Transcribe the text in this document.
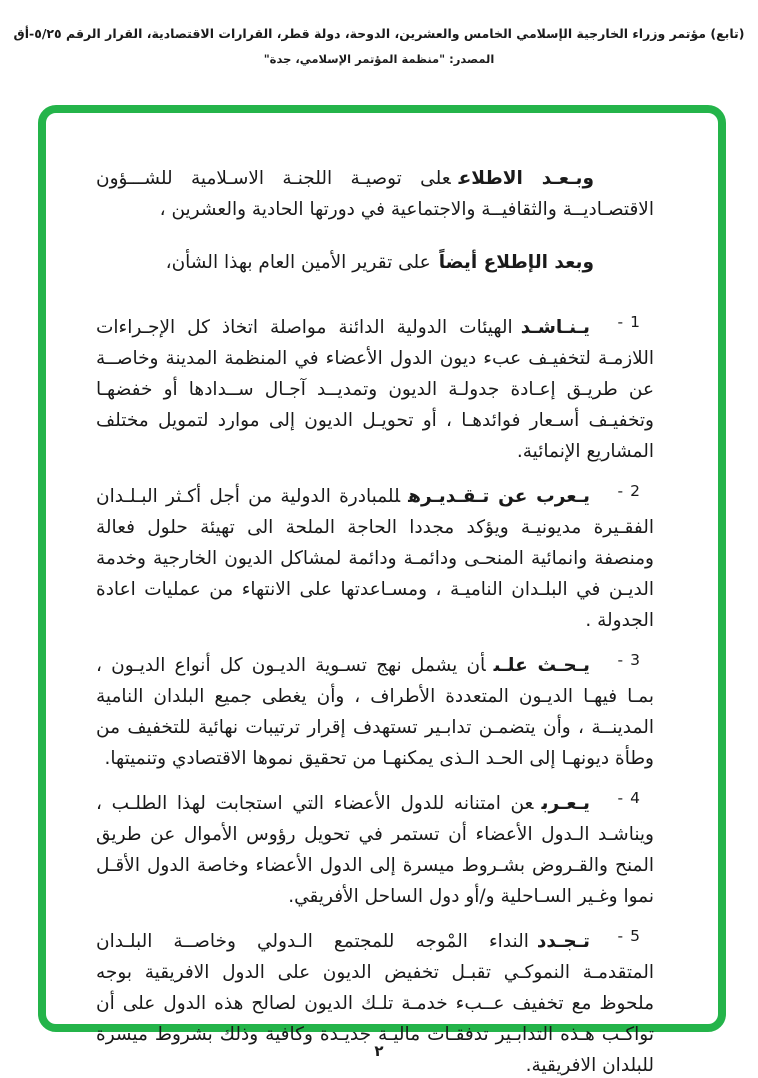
(تابع) مؤتمر وزراء الخارجية الإسلامي الخامس والعشرين، الدوحة، دولة قطر، القرارات الاقتصادية، القرار الرقم ٥/٢٥-أق
المصدر: "منظمة المؤتمر الإسلامي، جدة"

وبـعـد الاطلاععلى توصيـة اللجنـة الاسـلامية للشـــؤون الاقتصـاديــة والثقافيــة والاجتماعية في دورتها الحادية والعشرين ،

وبعد الإطلاع أيضاًعلى تقرير الأمين العام بهذا الشأن،

- 1

يـنـاشـدالهيئات الدولية الدائنة مواصلة اتخاذ كل الإجـراءات اللازمـة لتخفيـف عبء ديون الدول الأعضاء في المنظمة المدينة وخاصــة عن طريـق إعـادة جدولـة الديون وتمديــد آجـال ســدادها أو خفضهـا وتخفيـف أسـعار فوائدهـا ، أو تحويـل الديون إلى موارد لتمويل مختلف المشاريع الإنمائية.

- 2

يـعرب عن تـقـديـرهللمبادرة الدولية من أجل أكـثر البـلـدان الفقـيرة مديونيـة ويؤكد مجددا الحاجة الملحة الى تهيئة حلول فعالة ومنصفة وانمائية المنحـى ودائمـة ودائمة لمشاكل الديون الخارجية وخدمة الديـن في البلـدان الناميـة ، ومسـاعدتها على الانتهاء من عمليات اعادة الجدولة .

- 3

يـحـث علـىأن يشمل نهج تسـوية الديـون كل أنواع الديـون ، بمـا فيهـا الديـون المتعددة الأطراف ، وأن يغطى جميع البلدان النامية المدينــة ، وأن يتضمـن تدابـير تستهدف إقرار ترتيبات نهائية للتخفيف من وطأة ديونهـا إلى الحـد الـذى يمكنهـا من تحقيق نموها الاقتصادي وتنميتها.

- 4

يـعـربعن امتنانه للدول الأعضاء التي استجابت لهذا الطلـب ، ويناشـد الـدول الأعضاء أن تستمر في تحويل رؤوس الأموال عن طريق المنح والقـروض بشـروط ميسرة إلى الدول الأعضاء وخاصة الدول الأقـل نموا وغـير السـاحلية و/أو دول الساحل الأفريقي.

- 5

تـجـددالنداء المْوجه للمجتمع الـدولي وخاصــة البلـدان المتقدمـة النموكـي تقبـل تخفيض الديون على الدول الافريقية بوجه ملحوظ مع تخفيف عــبء خدمـة تلـك الديون لصالح هذه الدول على أن تواكـب هـذه التدابـير تدفقـات ماليـة جديـدة وكافية وذلك بشروط ميسرة للبلدان الافريقية.

٢
